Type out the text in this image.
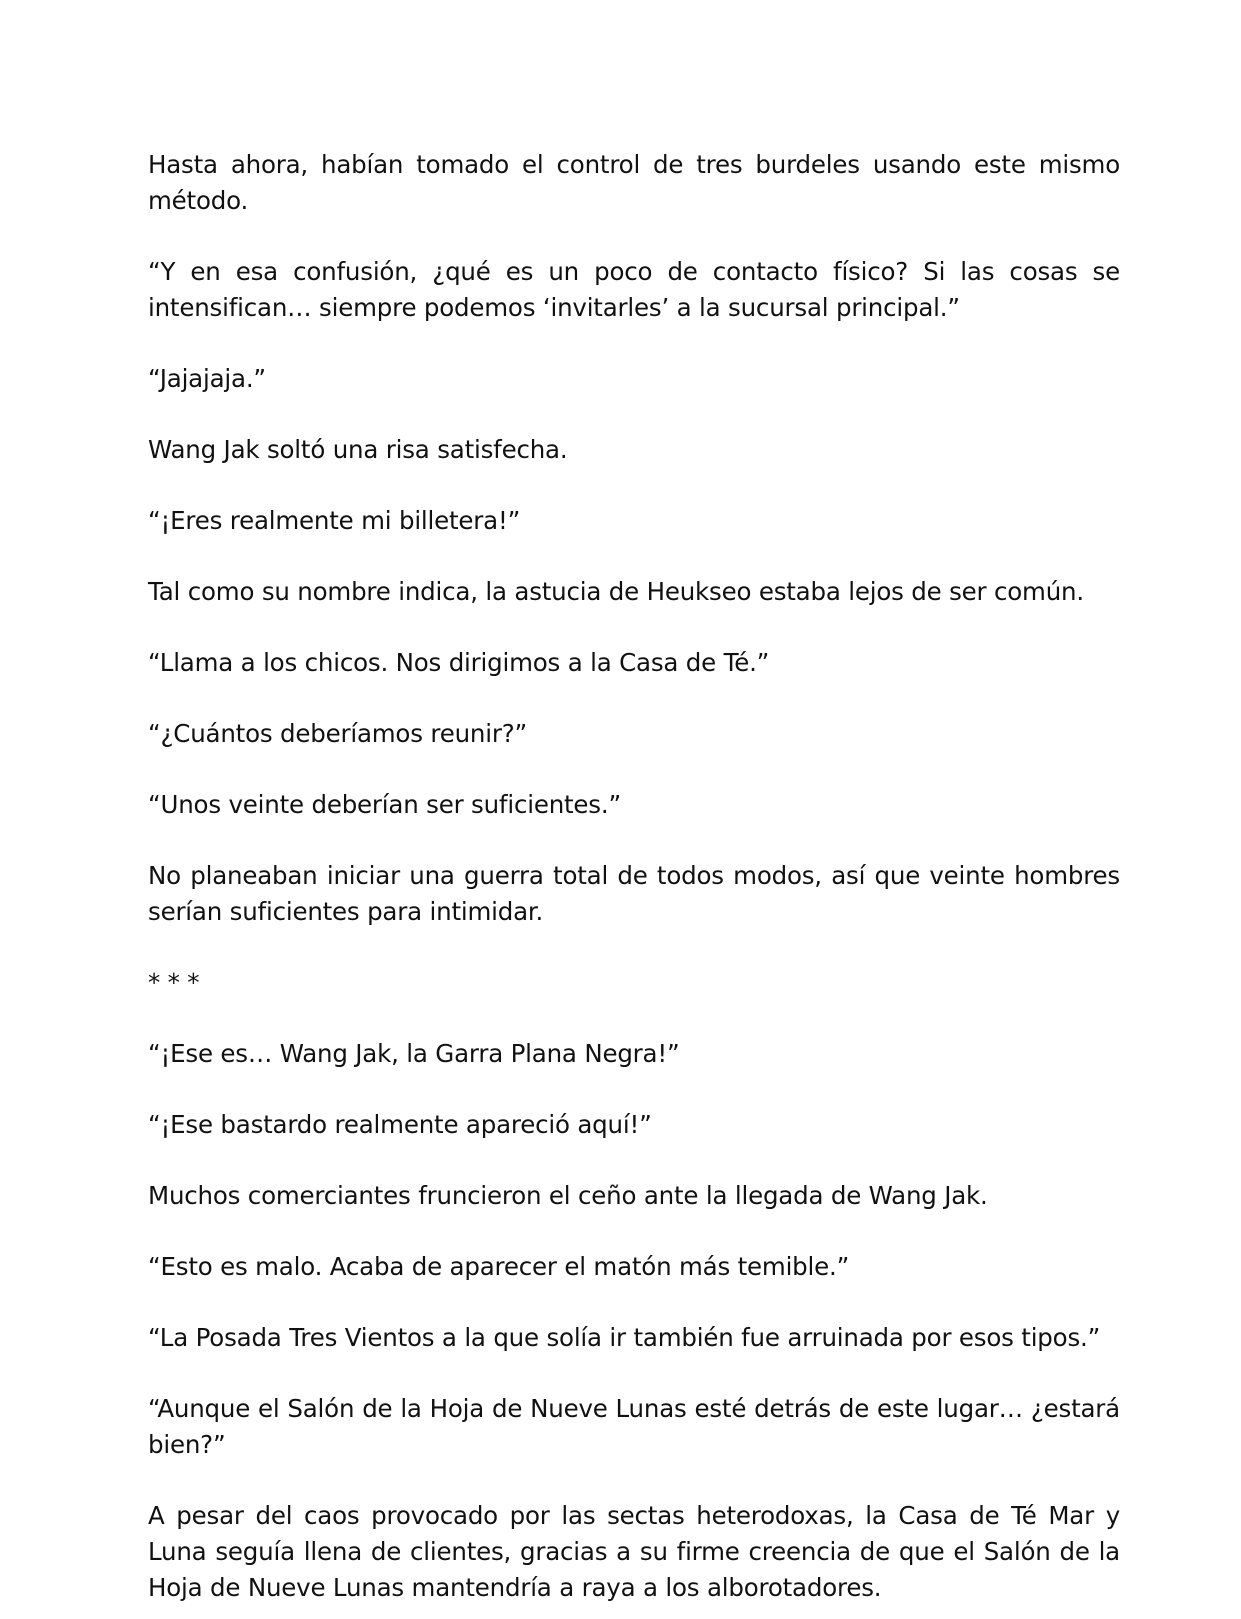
Hasta ahora, habían tomado el control de tres burdeles usando este mismo método.

“Y en esa confusión, ¿qué es un poco de contacto físico? Si las cosas se intensifican… siempre podemos ‘invitarles’ a la sucursal principal.”

“Jajajaja.”

Wang Jak soltó una risa satisfecha.

“¡Eres realmente mi billetera!”

Tal como su nombre indica, la astucia de Heukseo estaba lejos de ser común.

“Llama a los chicos. Nos dirigimos a la Casa de Té.”

“¿Cuántos deberíamos reunir?”

“Unos veinte deberían ser suficientes.”

No planeaban iniciar una guerra total de todos modos, así que veinte hombres serían suficientes para intimidar.

* * *

“¡Ese es… Wang Jak, la Garra Plana Negra!”

“¡Ese bastardo realmente apareció aquí!”

Muchos comerciantes fruncieron el ceño ante la llegada de Wang Jak.

“Esto es malo. Acaba de aparecer el matón más temible.”

“La Posada Tres Vientos a la que solía ir también fue arruinada por esos tipos.”

“Aunque el Salón de la Hoja de Nueve Lunas esté detrás de este lugar… ¿estará bien?”

A pesar del caos provocado por las sectas heterodoxas, la Casa de Té Mar y Luna seguía llena de clientes, gracias a su firme creencia de que el Salón de la Hoja de Nueve Lunas mantendría a raya a los alborotadores.
